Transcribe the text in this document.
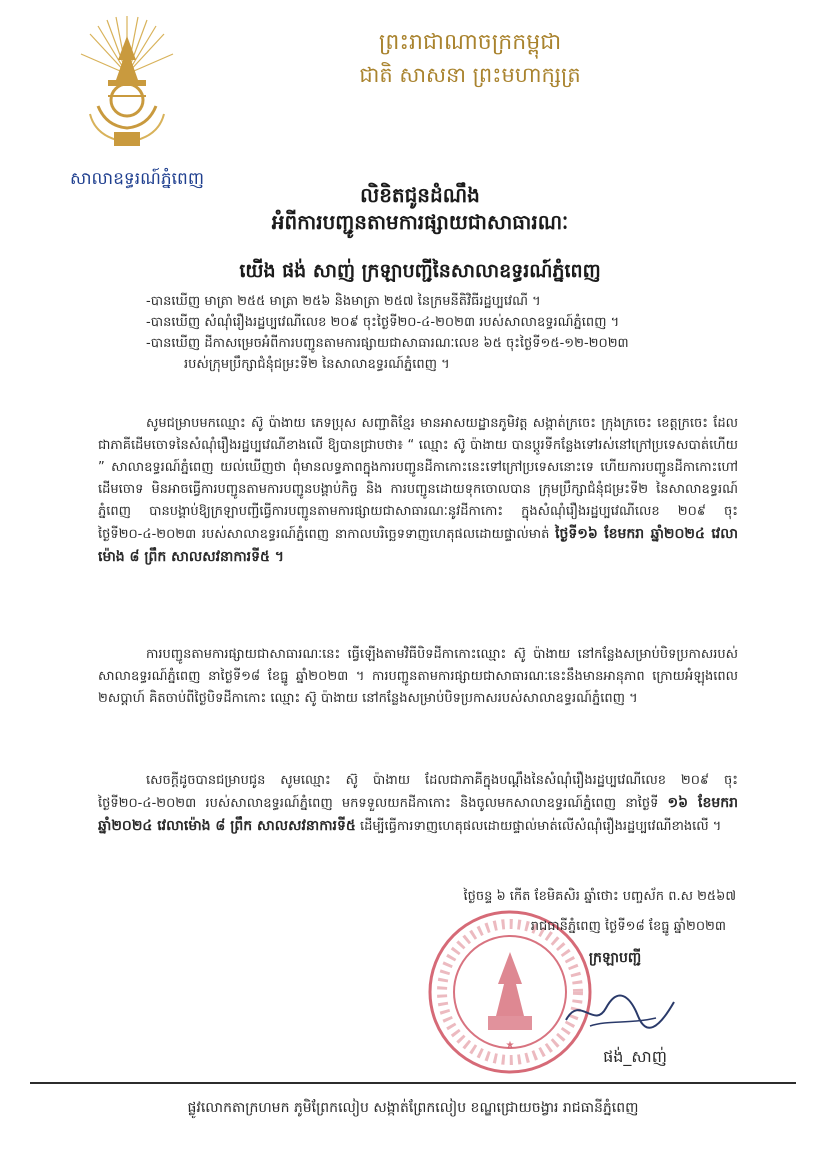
សាលាឧទ្ធរណ៍ភ្នំពេញ
ព្រះរាជាណាចក្រកម្ពុជា
ជាតិ សាសនា ព្រះមហាក្សត្រ
លិខិតជូនដំណឹង
អំពីការបញ្ជូនតាមការផ្សាយជាសាធារណៈ
យើង ផង់ សាញ់ ក្រឡាបញ្ជីនៃសាលាឧទ្ធរណ៍ភ្នំពេញ
-បានឃើញ មាត្រា ២៥៥ មាត្រា ២៥៦ និងមាត្រា ២៥៧ នៃក្រមនីតិវិធីរដ្ឋប្បវេណី ។
-បានឃើញ សំណុំរឿងរដ្ឋប្បវេណីលេខ ២០៩ ចុះថ្ងៃទី២០-៤-២០២៣ របស់សាលាឧទ្ធរណ៍ភ្នំពេញ ។
-បានឃើញ ដីកាសម្រេចអំពីការបញ្ជូនតាមការផ្សាយជាសាធារណៈលេខ ៦៥ ចុះថ្ងៃទី១៥-១២-២០២៣
របស់ក្រុមប្រឹក្សាជំនុំជម្រះទី២ នៃសាលាឧទ្ធរណ៍ភ្នំពេញ ។

សូមជម្រាបមកឈ្មោះ ស៊ូ ប៉ាងាយ ភេទប្រុស សញ្ជាតិខ្មែរ មានអាសយដ្ឋានភូមិវត្ត សង្កាត់ក្រចេះ ក្រុងក្រចេះ ខេត្តក្រចេះ ដែលជាភាគីដើមចោទនៃសំណុំរឿងរដ្ឋប្បវេណីខាងលើ ឱ្យបានជ្រាបថា៖ “ ឈ្មោះ ស៊ូ ប៉ាងាយ បានប្តូរទីកន្លែងទៅរស់នៅក្រៅប្រទេសបាត់ហើយ ” សាលាឧទ្ធរណ៍ភ្នំពេញ យល់ឃើញថា ពុំមានលទ្ធភាពក្នុងការបញ្ជូនដីកាកោះនេះទៅក្រៅប្រទេសនោះទេ ហើយការបញ្ជូនដីកាកោះហៅដើមចោទ មិនអាចធ្វើការបញ្ជូនតាមការបញ្ជូនបង្គាប់កិច្ច និង ការបញ្ជូនដោយទុកចោលបាន ក្រុមប្រឹក្សាជំនុំជម្រះទី២ នៃសាលាឧទ្ធរណ៍ភ្នំពេញ បានបង្គាប់ឱ្យក្រឡាបញ្ជីធ្វើការបញ្ជូនតាមការផ្សាយជាសាធារណៈនូវដីកាកោះ ក្នុងសំណុំរឿងរដ្ឋប្បវេណីលេខ ២០៩ ចុះថ្ងៃទី២០-៤-២០២៣ របស់សាលាឧទ្ធរណ៍ភ្នំពេញ នាកាលបរិច្ឆេទទាញហេតុផលដោយផ្ទាល់មាត់ ថ្ងៃទី១៦ ខែមករា ឆ្នាំ២០២៤ វេលាម៉ោង ៨ ព្រឹក សាលសវនាការទី៥ ។

ការបញ្ជូនតាមការផ្សាយជាសាធារណៈនេះ ធ្វើឡើងតាមវិធីបិទដីកាកោះឈ្មោះ ស៊ូ ប៉ាងាយ នៅកន្លែងសម្រាប់បិទប្រកាសរបស់សាលាឧទ្ធរណ៍ភ្នំពេញ នាថ្ងៃទី១៨ ខែធ្នូ ឆ្នាំ២០២៣ ។ ការបញ្ជូនតាមការផ្សាយជាសាធារណៈនេះនឹងមានអានុភាព ក្រោយអំឡុងពេល ២សប្តាហ៍ គិតចាប់ពីថ្ងៃបិទដីកាកោះ ឈ្មោះ ស៊ូ ប៉ាងាយ នៅកន្លែងសម្រាប់បិទប្រកាសរបស់សាលាឧទ្ធរណ៍ភ្នំពេញ ។

សេចក្តីដូចបានជម្រាបជូន សូមឈ្មោះ ស៊ូ ប៉ាងាយ ដែលជាភាគីក្នុងបណ្តឹងនៃសំណុំរឿងរដ្ឋប្បវេណីលេខ ២០៩ ចុះថ្ងៃទី២០-៤-២០២៣ របស់សាលាឧទ្ធរណ៍ភ្នំពេញ មកទទួលយកដីកាកោះ និងចូលមកសាលាឧទ្ធរណ៍ភ្នំពេញ នាថ្ងៃទី ១៦ ខែមករា ឆ្នាំ២០២៤ វេលាម៉ោង ៨ ព្រឹក សាលសវនាការទី៥ ដើម្បីធ្វើការទាញហេតុផលដោយផ្ទាល់មាត់លើសំណុំរឿងរដ្ឋប្បវេណីខាងលើ ។

★
ថ្ងៃចន្ទ ៦ កើត ខែមិគសិរ ឆ្នាំថោះ បញ្ចស័ក ព.ស ២៥៦៧
រាជធានីភ្នំពេញ ថ្ងៃទី១៨ ខែធ្នូ ឆ្នាំ២០២៣
ក្រឡាបញ្ជី
ផង់_សាញ់
ផ្លូវលោកតាក្រហមក ភូមិព្រែកលៀប សង្កាត់ព្រែកលៀប ខណ្ឌជ្រោយចង្វារ រាជធានីភ្នំពេញ
